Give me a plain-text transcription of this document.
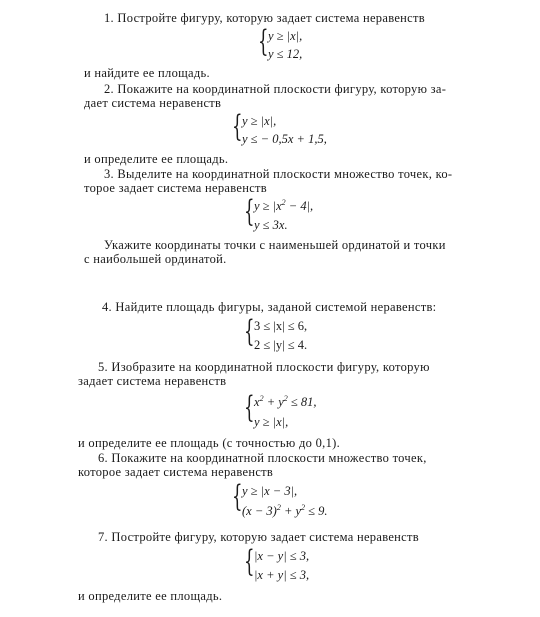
1. Постройте фигуру, которую задает система неравенств
{ y ≥ |x|,
y ≤ 12,
и найдите ее площадь.
2. Покажите на координатной плоскости фигуру, которую за-
дает система неравенств
{ y ≥ |x|,
y ≤ − 0,5x + 1,5,
и определите ее площадь.
3. Выделите на координатной плоскости множество точек, ко-
торое задает система неравенств
{ $y \ge |x^2 - 4|$,
y ≤ 3x.
Укажите координаты точки с наименьшей ординатой и точки
с наибольшей ординатой.
4. Найдите площадь фигуры, заданой системой неравенств:
{ 3 ≤ |x| ≤ 6,
2 ≤ |y| ≤ 4.
5. Изобразите на координатной плоскости фигуру, которую
задает система неравенств
{ $x^2 + y^2 \le 81$,
y ≥ |x|,
и определите ее площадь (с точностью до 0,1).
6. Покажите на координатной плоскости множество точек,
которое задает система неравенств
{ y ≥ |x − 3|,
$(x - 3)^2 + y^2 \le 9$.
7. Постройте фигуру, которую задает система неравенств
{ |x − y| ≤ 3,
|x + y| ≤ 3,
и определите ее площадь.
